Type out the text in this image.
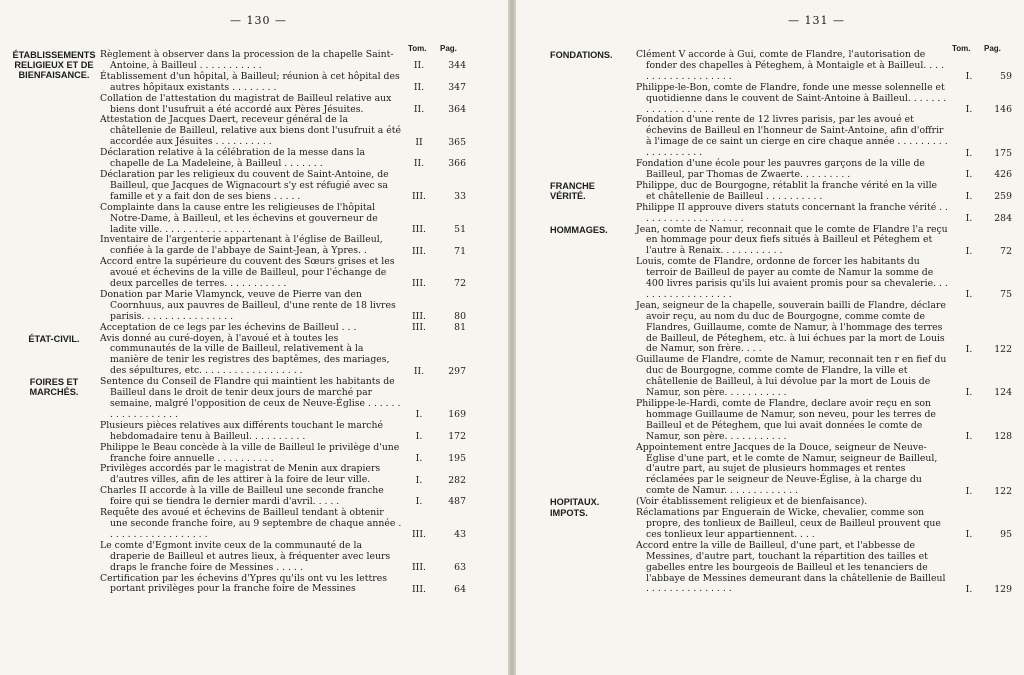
— 130 —
Tom. Pag.
ÉTABLISSEMENTS RELIGIEUX ET DE BIENFAISANCE.
Règlement à observer dans la procession de la chapelle Saint-Antoine, à Bailleul . . . . . . . . . . .	II.	344
Établissement d'un hôpital, à Bailleul; réunion à cet hôpital des autres hôpitaux existants . . . . . . . .	II.	347
Collation de l'attestation du magistrat de Bailleul relative aux biens dont l'usufruit a été accordé aux Pères Jésuites.	II.	364
Attestation de Jacques Daert, receveur général de la châtellenie de Bailleul, relative aux biens dont l'usufruit a été accordée aux Jésuites . . . . . . . . . .	II	365
Déclaration relative à la célébration de la messe dans la chapelle de La Madeleine, à Bailleul . . . . . . .	II.	366
Déclaration par les religieux du couvent de Saint-Antoine, de Bailleul, que Jacques de Wignacourt s'y est réfugié avec sa famille et y a fait don de ses biens . . . . .	III.	33
Complainte dans la cause entre les religieuses de l'hôpital Notre-Dame, à Bailleul, et les échevins et gouverneur de ladite ville. . . . . . . . . . . . . . . .	III.	51
Inventaire de l'argenterie appartenant à l'église de Bailleul, confiée à la garde de l'abbaye de Saint-Jean, à Ypres. .	III.	71
Accord entre la supérieure du couvent des Sœurs grises et les avoué et échevins de la ville de Bailleul, pour l'échange de deux parcelles de terres. . . . . . . . . . .	III.	72
Donation par Marie Vlamynck, veuve de Pierre van den Coornhuus, aux pauvres de Bailleul, d'une rente de 18 livres parisis. . . . . . . . . . . . . . . .	III.	80
Acceptation de ce legs par les échevins de Bailleul . . .	III.	81
ÉTAT-CIVIL.	Avis donné au curé-doyen, à l'avoué et à toutes les communautés de la ville de Bailleul, relativement à la manière de tenir les registres des baptêmes, des mariages, des sépultures, etc. . . . . . . . . . . . . . . . . .	II.	297
FOIRES ET MARCHÉS.
Sentence du Conseil de Flandre qui maintient les habitants de Bailleul dans le droit de tenir deux jours de marché par semaine, malgré l'opposition de ceux de Neuve-Église . . . . . . . . . . . . . . . . . .	I.	169
Plusieurs pièces relatives aux différents touchant le marché hebdomadaire tenu à Bailleul. . . . . . . . . .	I.	172
Philippe le Beau concède à la ville de Bailleul le privilège d'une franche foire annuelle . . . . . . . . . .	I.	195
Privilèges accordés par le magistrat de Menin aux drapiers d'autres villes, afin de les attirer à la foire de leur ville.	I.	282
Charles II accorde à la ville de Bailleul une seconde franche foire qui se tiendra le dernier mardi d'avril. . . . .	I.	487
Requête des avoué et échevins de Bailleul tendant à obtenir une seconde franche foire, au 9 septembre de chaque année . . . . . . . . . . . . . . . . . .	III.	43
Le comte d'Egmont invite ceux de la communauté de la draperie de Bailleul et autres lieux, à fréquenter avec leurs draps le franche foire de Messines . . . . .	III.	63
Certification par les échevins d'Ypres qu'ils ont vu les lettres portant privilèges pour la franche foire de Messines	III.	64
— 131 —
Tom. Pag.
FONDATIONS.	Clément V accorde à Gui, comte de Flandre, l'autorisation de fonder des chapelles à Péteghem, à Montaigle et à Bailleul. . . . . . . . . . . . . . . . . . .	I.	59
Philippe-le-Bon, comte de Flandre, fonde une messe solennelle et quotidienne dans le couvent de Saint-Antoine à Bailleul. . . . . . . . . . . . . . . . . . .	I.	146
Fondation d'une rente de 12 livres parisis, par les avoué et échevins de Bailleul en l'honneur de Saint-Antoine, afin d'offrir à l'image de ce saint un cierge en cire chaque année . . . . . . . . . . . . . . . . . . .	I.	175
Fondation d'une école pour les pauvres garçons de la ville de Bailleul, par Thomas de Zwaerte. . . . . . . . .	I.	426
FRANCHE VÉRITÉ.
Philippe, duc de Bourgogne, rétablit la franche vérité en la ville et châtellenie de Bailleul . . . . . . . . . .	I.	259
Philippe II approuve divers statuts concernant la franche vérité . . . . . . . . . . . . . . . . . . .	I.	284
HOMMAGES.	Jean, comte de Namur, reconnait que le comte de Flandre l'a reçu en hommage pour deux fiefs situés à Bailleul et Péteghem et l'autre à Renaix. . . . . . . . . . .	I.	72
Louis, comte de Flandre, ordonne de forcer les habitants du terroir de Bailleul de payer au comte de Namur la somme de 400 livres parisis qu'ils lui avaient promis pour sa chevalerie. . . . . . . . . . . . . . . . . .	I.	75
Jean, seigneur de la chapelle, souverain bailli de Flandre, déclare avoir reçu, au nom du duc de Bourgogne, comme comte de Flandres, Guillaume, comte de Namur, à l'hommage des terres de Bailleul, de Péteghem, etc. à lui échues par la mort de Louis de Namur, son frère. . . .	I.	122
Guillaume de Flandre, comte de Namur, reconnait ten r en fief du duc de Bourgogne, comme comte de Flandre, la ville et châtellenie de Bailleul, à lui dévolue par la mort de Louis de Namur, son père. . . . . . . . . . .	I.	124
Philippe-le-Hardi, comte de Flandre, declare avoir reçu en son hommage Guillaume de Namur, son neveu, pour les terres de Bailleul et de Péteghem, que lui avait données le comte de Namur, son père. . . . . . . . . . .	I.	128
Appointement entre Jacques de la Douce, seigneur de Neuve-Église d'une part, et le comte de Namur, seigneur de Bailleul, d'autre part, au sujet de plusieurs hommages et rentes réclamées par le seigneur de Neuve-Église, à la charge du comte de Namur. . . . . . . . . . . . .	I.	122
HOPITAUX.	(Voir établissement religieux et de bienfaisance).
IMPOTS.	Réclamations par Enguerain de Wicke, chevalier, comme son propre, des tonlieux de Bailleul, ceux de Bailleul prouvent que ces tonlieux leur appartiennent. . . .	I.	95
Accord entre la ville de Bailleul, d'une part, et l'abbesse de Messines, d'autre part, touchant la répartition des tailles et gabelles entre les bourgeois de Bailleul et les tenanciers de l'abbaye de Messines demeurant dans la châtellenie de Bailleul . . . . . . . . . . . . . . .	I.	129
